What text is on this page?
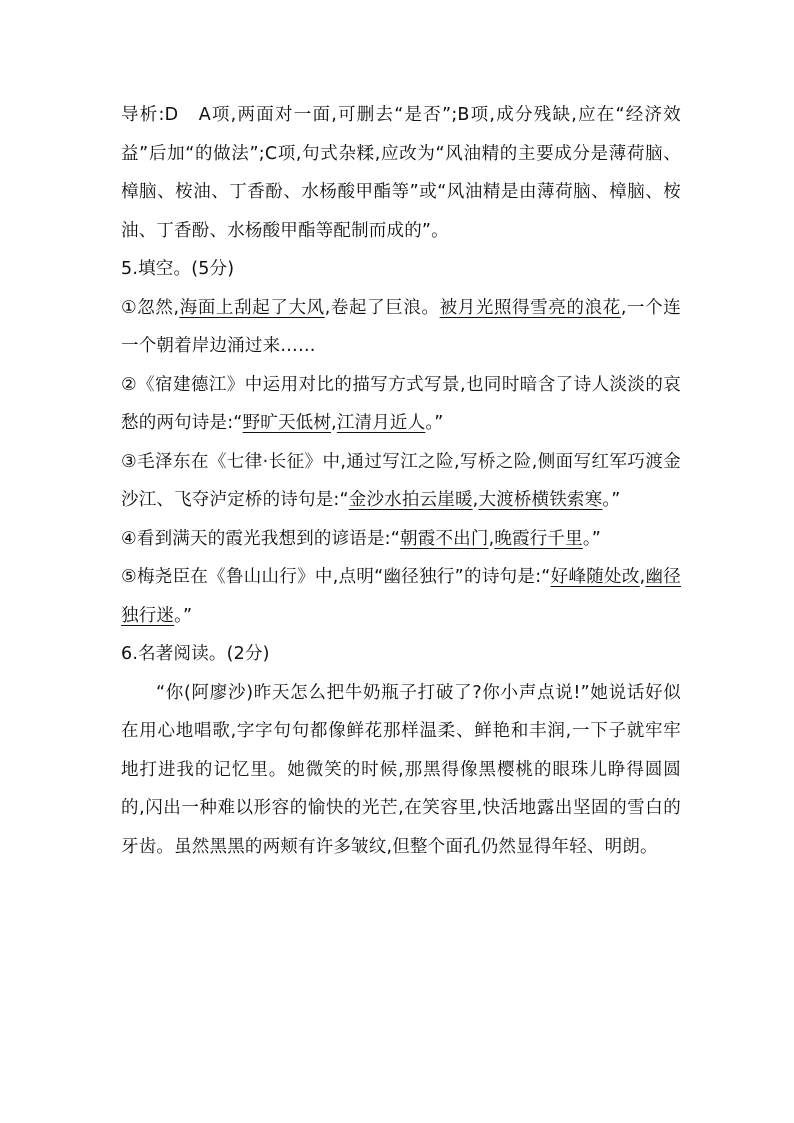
导析:D A项,两面对一面,可删去“是否”;B项,成分残缺,应在“经济效益”后加“的做法”;C项,句式杂糅,应改为“风油精的主要成分是薄荷脑、樟脑、桉油、丁香酚、水杨酸甲酯等”或“风油精是由薄荷脑、樟脑、桉油、丁香酚、水杨酸甲酯等配制而成的”。

5.填空。(5分)

①忽然,海面上刮起了大风,卷起了巨浪。被月光照得雪亮的浪花,一个连一个朝着岸边涌过来……

②《宿建德江》中运用对比的描写方式写景,也同时暗含了诗人淡淡的哀愁的两句诗是:“野旷天低树,江清月近人。”

③毛泽东在《七律·长征》中,通过写江之险,写桥之险,侧面写红军巧渡金沙江、飞夺泸定桥的诗句是:“金沙水拍云崖暖,大渡桥横铁索寒。”

④看到满天的霞光我想到的谚语是:“朝霞不出门,晚霞行千里。”

⑤梅尧臣在《鲁山山行》中,点明“幽径独行”的诗句是:“好峰随处改,幽径独行迷。”

6.名著阅读。(2分)

“你(阿廖沙)昨天怎么把牛奶瓶子打破了?你小声点说!”她说话好似在用心地唱歌,字字句句都像鲜花那样温柔、鲜艳和丰润,一下子就牢牢地打进我的记忆里。她微笑的时候,那黑得像黑樱桃的眼珠儿睁得圆圆的,闪出一种难以形容的愉快的光芒,在笑容里,快活地露出坚固的雪白的牙齿。虽然黑黑的两颊有许多皱纹,但整个面孔仍然显得年轻、明朗。
